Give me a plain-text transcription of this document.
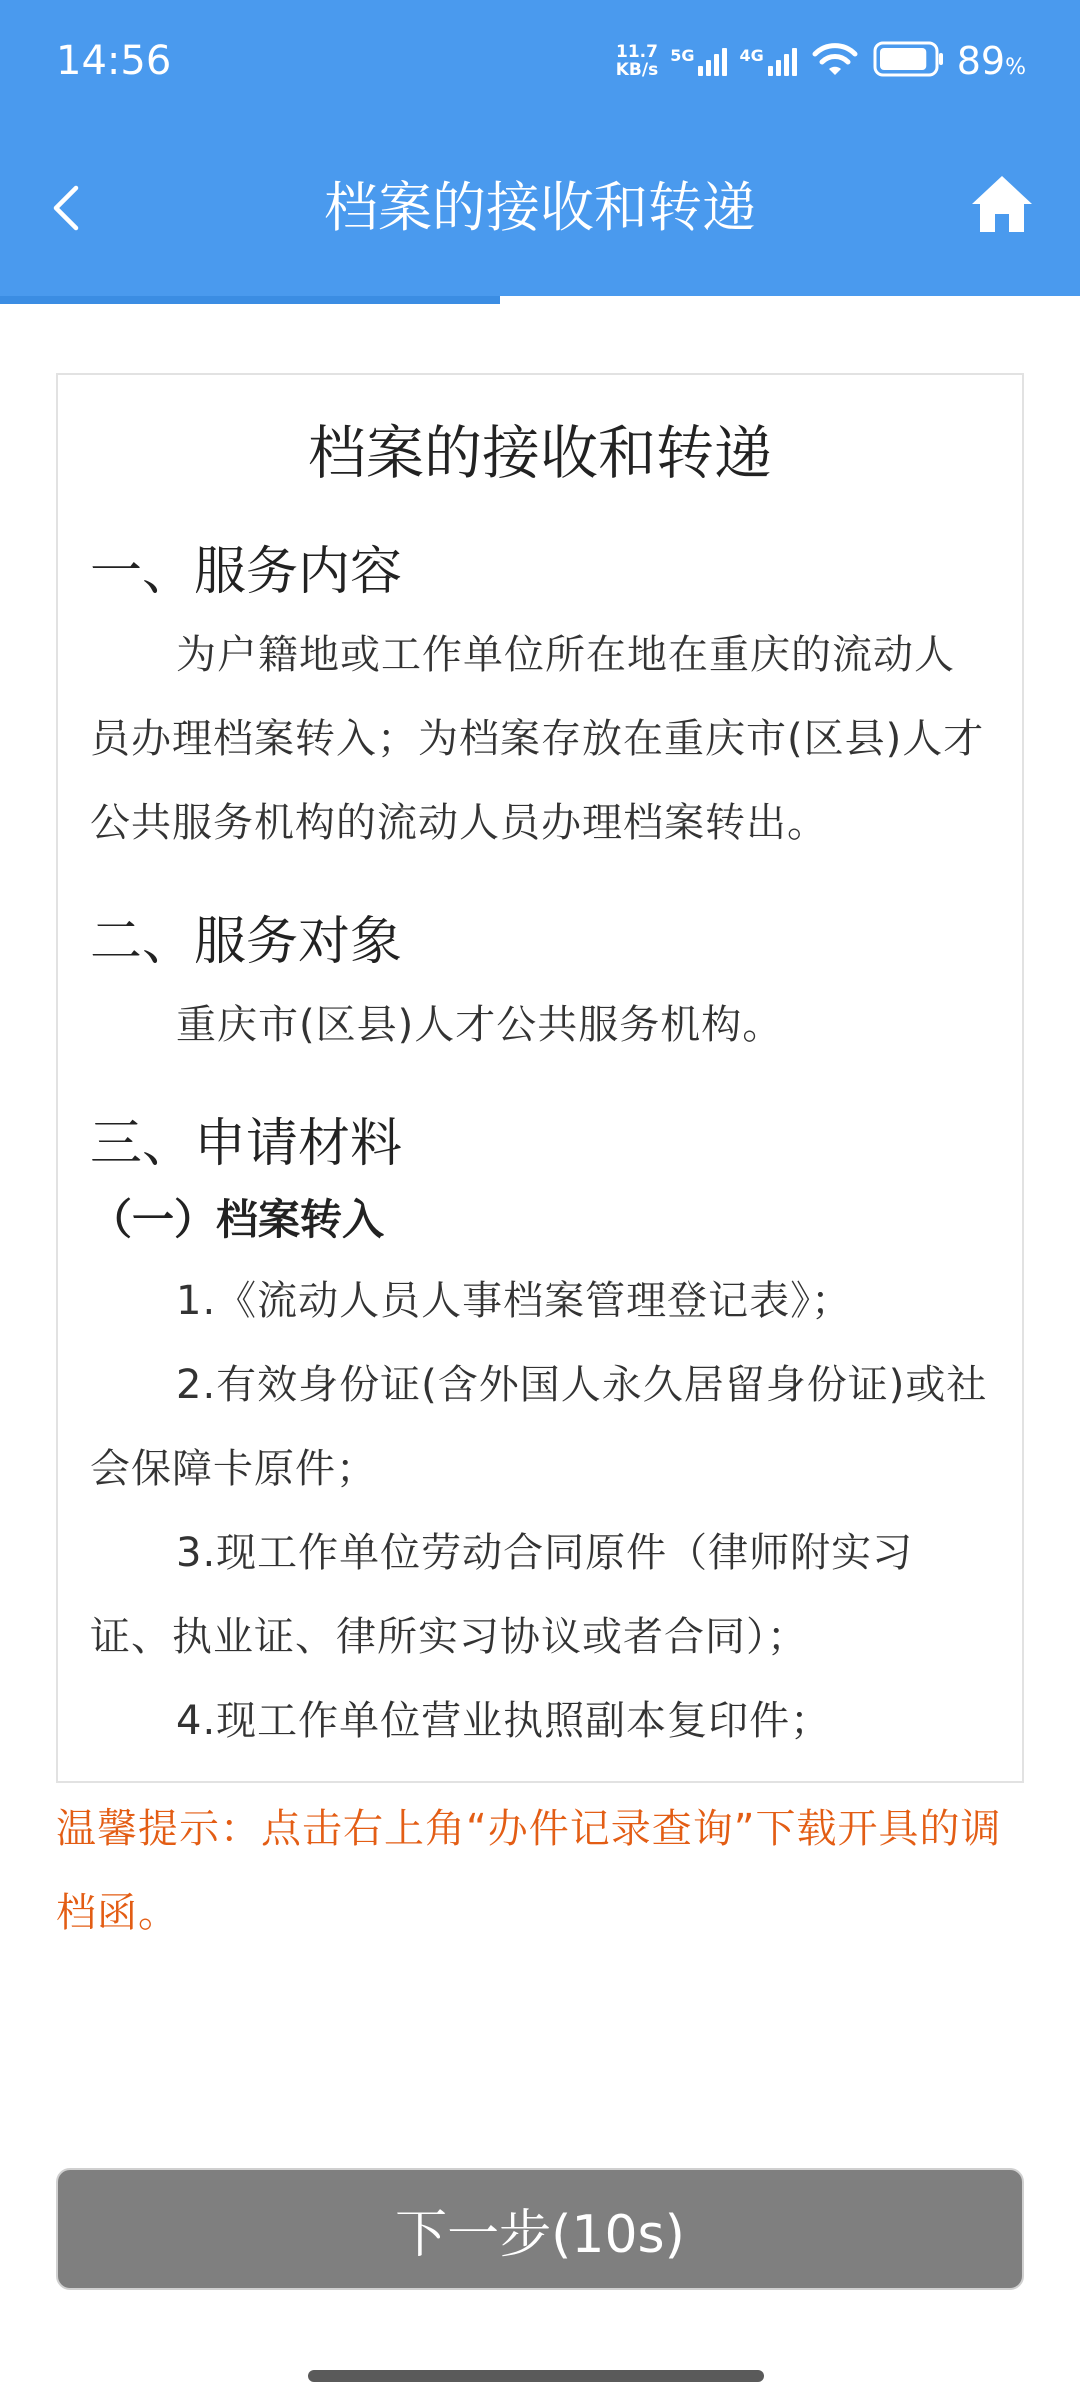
14:56	11.7
KB/s
5G	4G	89%
档案的接收和转递
档案的接收和转递
一、服务内容

为户籍地或工作单位所在地在重庆的流动人员办理档案转入；为档案存放在重庆市(区县)人才公共服务机构的流动人员办理档案转出。

二、服务对象

重庆市(区县)人才公共服务机构。

三、申请材料
（一）档案转入

1.《流动人员人事档案管理登记表》；

2.有效身份证(含外国人永久居留身份证)或社会保障卡原件；

3.现工作单位劳动合同原件（律师附实习证、执业证、律所实习协议或者合同）；

4.现工作单位营业执照副本复印件；

温馨提示：点击右上角“办件记录查询”下载开具的调档函。

下一步(10s)
